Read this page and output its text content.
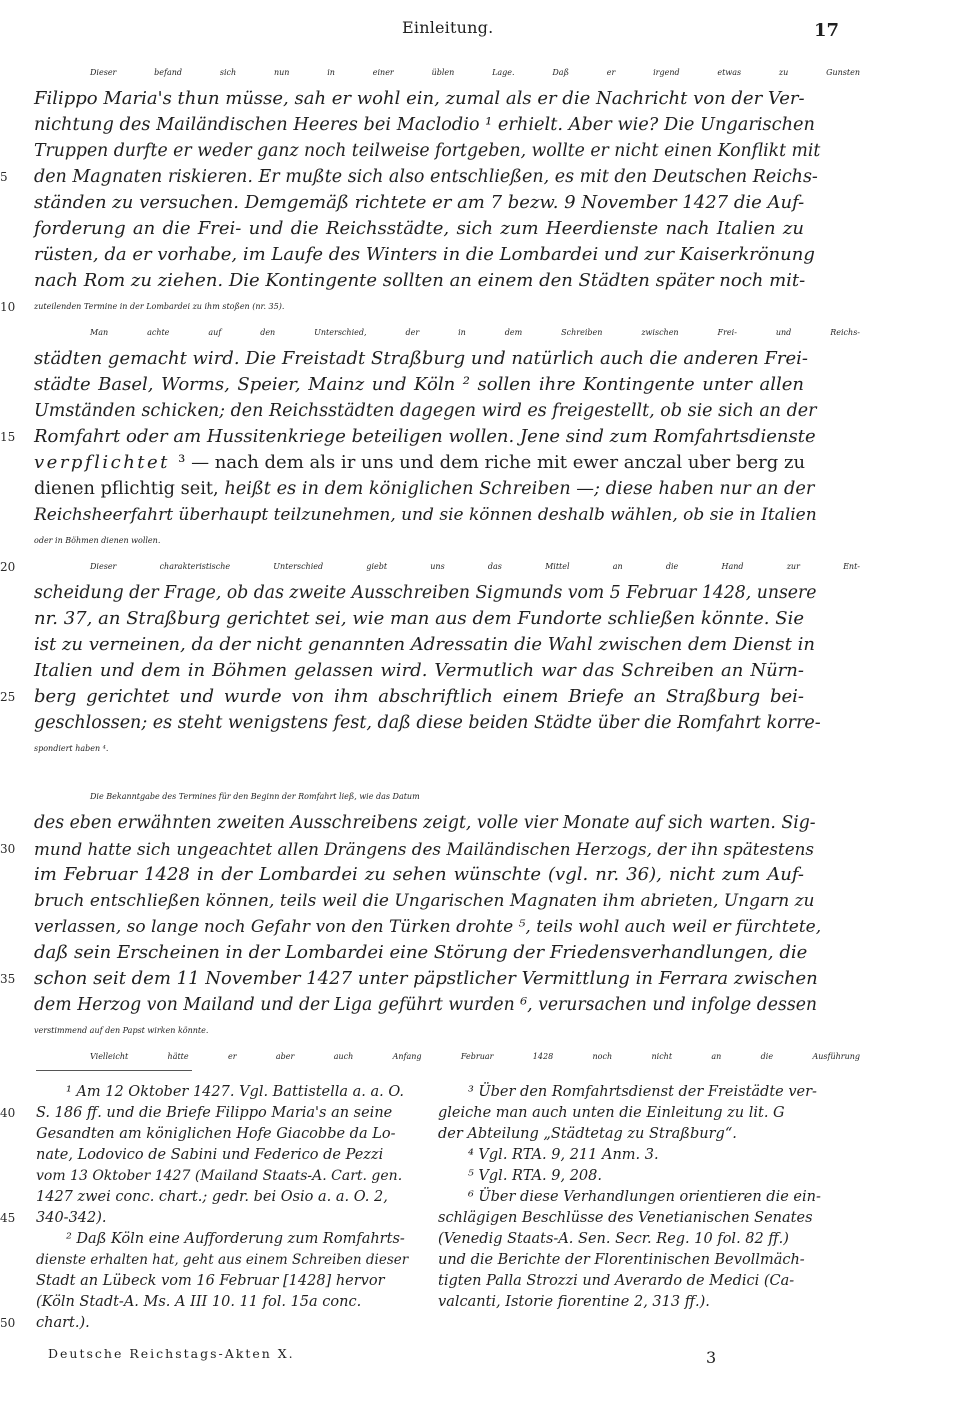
Einleitung.	17
Dieser befand sich nun in einer üblen Lage. Daß er irgend etwas zu Gunsten
Filippo Maria's thun müsse, sah er wohl ein, zumal als er die Nachricht von der Ver-
nichtung des Mailändischen Heeres bei Maclodio ¹ erhielt. Aber wie? Die Ungarischen
Truppen durfte er weder ganz noch teilweise fortgeben, wollte er nicht einen Konflikt mit
5 den Magnaten riskieren. Er mußte sich also entschließen, es mit den Deutschen Reichs-
ständen zu versuchen. Demgemäß richtete er am 7 bezw. 9 November 1427 die Auf-
forderung an die Frei- und die Reichsstädte, sich zum Heerdienste nach Italien zu
rüsten, da er vorhabe, im Laufe des Winters in die Lombardei und zur Kaiserkrönung
nach Rom zu ziehen. Die Kontingente sollten an einem den Städten später noch mit-
10 zuteilenden Termine in der Lombardei zu ihm stoßen (nr. 35).
Man achte auf den Unterschied, der in dem Schreiben zwischen Frei- und Reichs-
städten gemacht wird. Die Freistadt Straßburg und natürlich auch die anderen Frei-
städte Basel, Worms, Speier, Mainz und Köln ² sollen ihre Kontingente unter allen
Umständen schicken; den Reichsstädten dagegen wird es freigestellt, ob sie sich an der
15 Romfahrt oder am Hussitenkriege beteiligen wollen. Jene sind zum Romfahrtsdienste
verpflichtet ³ — nach dem als ir uns und dem riche mit ewer anczal uber berg zu
dienen pflichtig seit, heißt es in dem königlichen Schreiben —; diese haben nur an der
Reichsheerfahrt überhaupt teilzunehmen, und sie können deshalb wählen, ob sie in Italien
oder in Böhmen dienen wollen.
20	Dieser charakteristische Unterschied giebt uns das Mittel an die Hand zur Ent-
scheidung der Frage, ob das zweite Ausschreiben Sigmunds vom 5 Februar 1428, unsere
nr. 37, an Straßburg gerichtet sei, wie man aus dem Fundorte schließen könnte. Sie
ist zu verneinen, da der nicht genannten Adressatin die Wahl zwischen dem Dienst in
Italien und dem in Böhmen gelassen wird. Vermutlich war das Schreiben an Nürn-
25 berg gerichtet und wurde von ihm abschriftlich einem Briefe an Straßburg bei-
geschlossen; es steht wenigstens fest, daß diese beiden Städte über die Romfahrt korre-
spondiert haben ⁴.
Die Bekanntgabe des Termines für den Beginn der Romfahrt ließ, wie das Datum
des eben erwähnten zweiten Ausschreibens zeigt, volle vier Monate auf sich warten. Sig-
30 mund hatte sich ungeachtet allen Drängens des Mailändischen Herzogs, der ihn spätestens
im Februar 1428 in der Lombardei zu sehen wünschte (vgl. nr. 36), nicht zum Auf-
bruch entschließen können, teils weil die Ungarischen Magnaten ihm abrieten, Ungarn zu
verlassen, so lange noch Gefahr von den Türken drohte ⁵, teils wohl auch weil er fürchtete,
daß sein Erscheinen in der Lombardei eine Störung der Friedensverhandlungen, die
35 schon seit dem 11 November 1427 unter päpstlicher Vermittlung in Ferrara zwischen
dem Herzog von Mailand und der Liga geführt wurden ⁶, verursachen und infolge dessen
verstimmend auf den Papst wirken könnte.
Vielleicht hätte er aber auch Anfang Februar 1428 noch nicht an die Ausführung
¹ Am 12 Oktober 1427. Vgl. Battistella a. a. O.
40 S. 186 ff. und die Briefe Filippo Maria's an seine
Gesandten am königlichen Hofe Giacobbe da Lo-
nate, Lodovico de Sabini und Federico de Pezzi
vom 13 Oktober 1427 (Mailand Staats-A. Cart. gen.
1427 zwei conc. chart.; gedr. bei Osio a. a. O. 2,
45 340-342).
² Daß Köln eine Aufforderung zum Romfahrts-
dienste erhalten hat, geht aus einem Schreiben dieser
Stadt an Lübeck vom 16 Februar [1428] hervor
(Köln Stadt-A. Ms. A III 10. 11 fol. 15a conc.
50 chart.).
³ Über den Romfahrtsdienst der Freistädte ver-
gleiche man auch unten die Einleitung zu lit. G
der Abteilung „Städtetag zu Straßburg“.
⁴ Vgl. RTA. 9, 211 Anm. 3.
⁵ Vgl. RTA. 9, 208.
⁶ Über diese Verhandlungen orientieren die ein-
schlägigen Beschlüsse des Venetianischen Senates
(Venedig Staats-A. Sen. Secr. Reg. 10 fol. 82 ff.)
und die Berichte der Florentinischen Bevollmäch-
tigten Palla Strozzi und Averardo de Medici (Ca-
valcanti, Istorie fiorentine 2, 313 ff.).
Deutsche Reichstags-Akten X.	3
